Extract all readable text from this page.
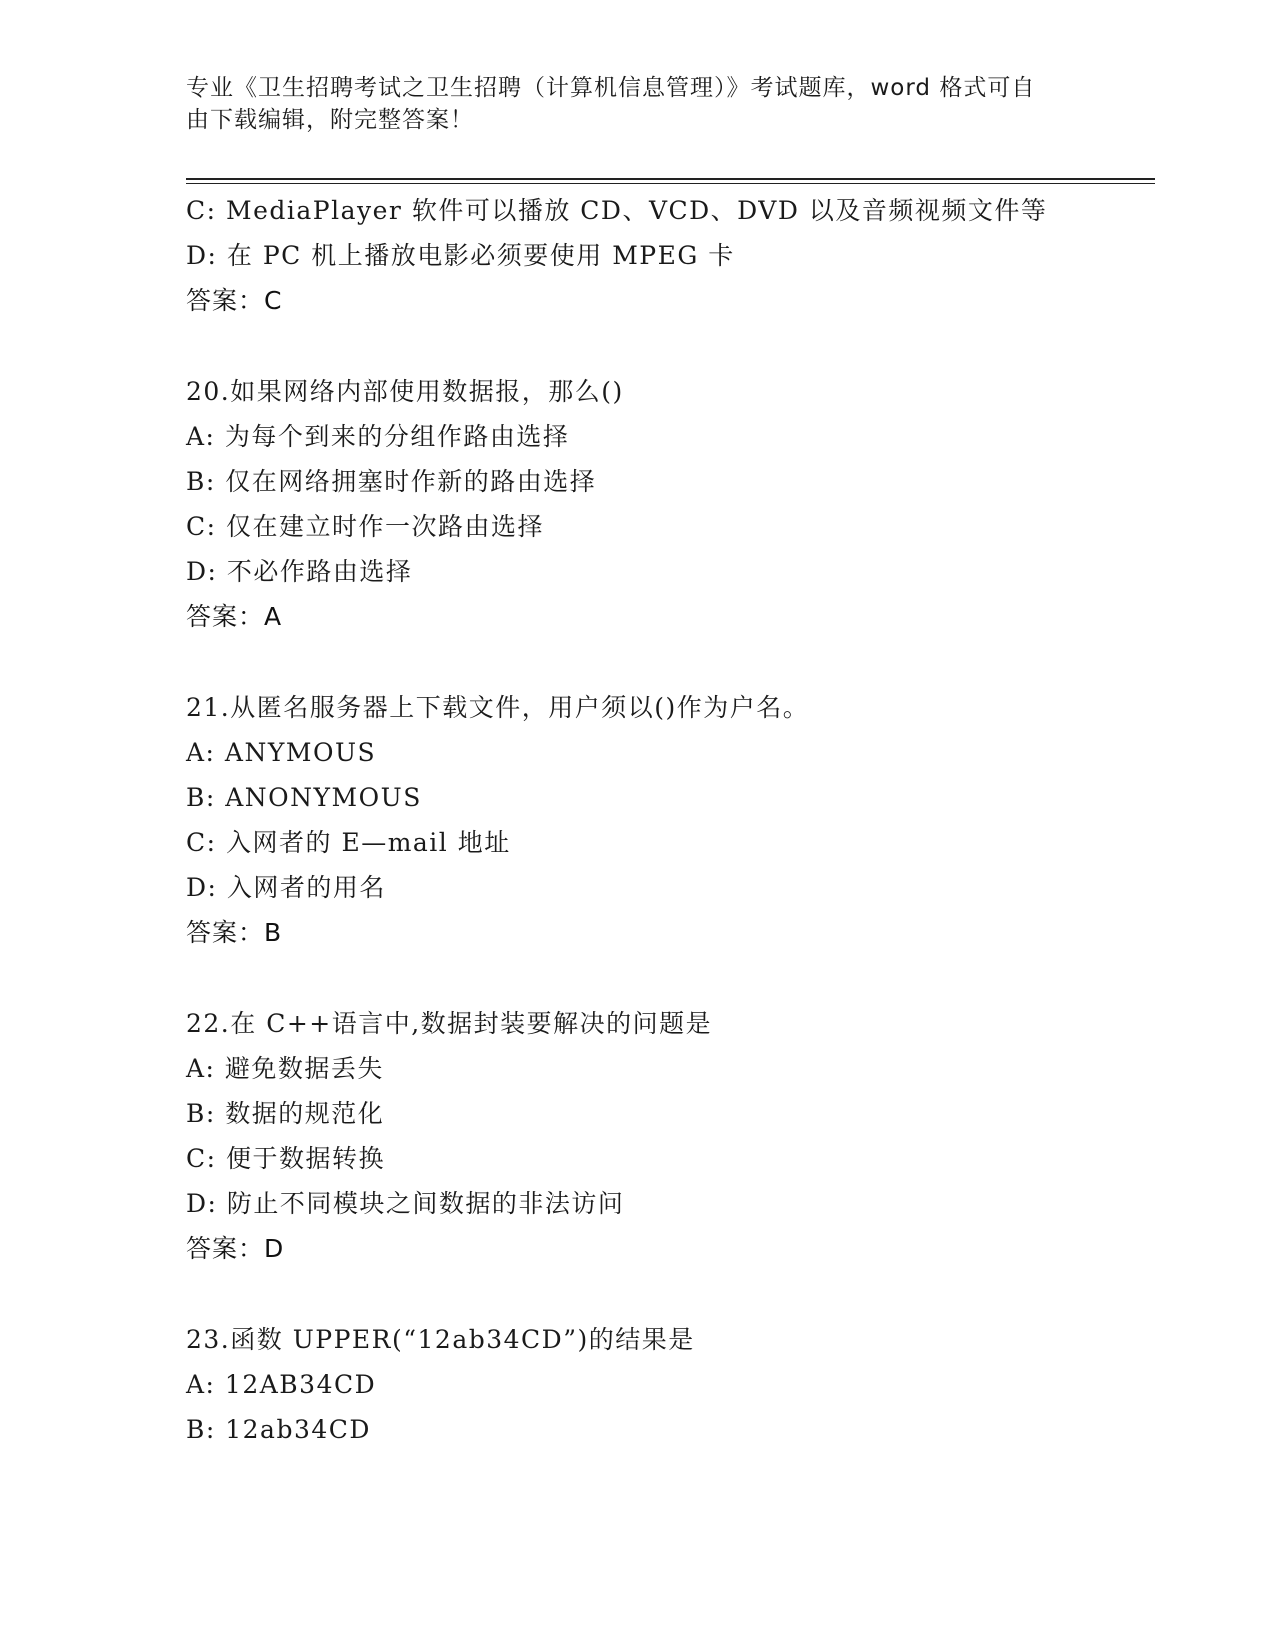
专业《卫生招聘考试之卫生招聘（计算机信息管理）》考试题库，word 格式可自
由下载编辑，附完整答案！
C: MediaPlayer 软件可以播放 CD、VCD、DVD 以及音频视频文件等
D: 在 PC 机上播放电影必须要使用 MPEG 卡
答案：C
20.如果网络内部使用数据报，那么()
A: 为每个到来的分组作路由选择
B: 仅在网络拥塞时作新的路由选择
C: 仅在建立时作一次路由选择
D: 不必作路由选择
答案：A
21.从匿名服务器上下载文件，用户须以()作为户名。
A: ANYMOUS
B: ANONYMOUS
C: 入网者的 E—mail 地址
D: 入网者的用名
答案：B
22.在 C++语言中,数据封装要解决的问题是
A: 避免数据丢失
B: 数据的规范化
C: 便于数据转换
D: 防止不同模块之间数据的非法访问
答案：D
23.函数 UPPER(“12ab34CD”)的结果是
A: 12AB34CD
B: 12ab34CD
